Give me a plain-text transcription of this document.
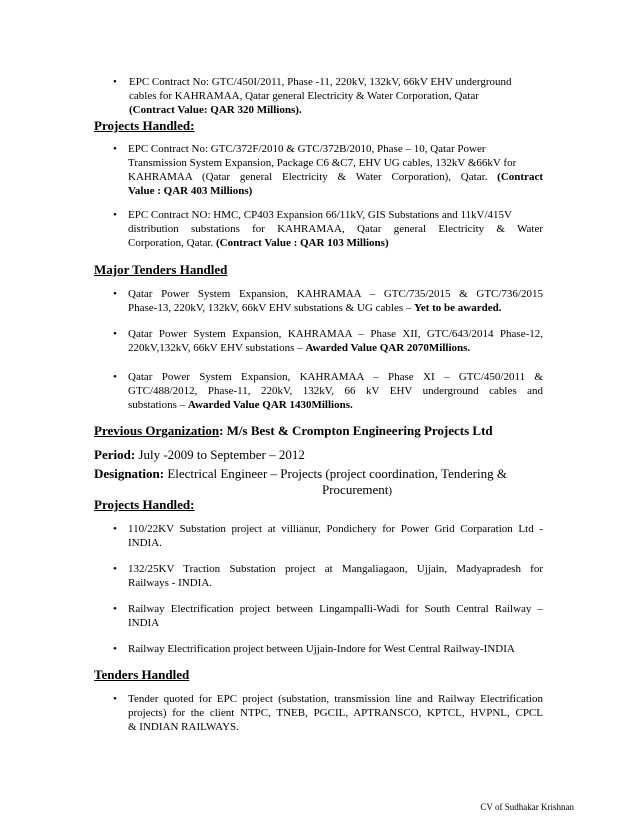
• EPC Contract No: GTC/450I/2011, Phase -11, 220kV, 132kV, 66kV EHV underground
cables for KAHRAMAA, Qatar general Electricity & Water Corporation, Qatar
(Contract Value: QAR 320 Millions).
Projects Handled:
• EPC Contract No: GTC/372F/2010 & GTC/372B/2010, Phase – 10, Qatar Power
Transmission System Expansion, Package C6 &C7, EHV UG cables, 132kV &66kV for
KAHRAMAA (Qatar general Electricity & Water Corporation), Qatar. (Contract
Value : QAR 403 Millions)
• EPC Contract NO: HMC, CP403 Expansion 66/11kV, GIS Substations and 11kV/415V
distribution substations for KAHRAMAA, Qatar general Electricity & Water
Corporation, Qatar. (Contract Value : QAR 103 Millions)
Major Tenders Handled
• Qatar Power System Expansion, KAHRAMAA – GTC/735/2015 & GTC/736/2015
Phase-13, 220kV, 132kV, 66kV EHV substations & UG cables – Yet to be awarded.
• Qatar Power System Expansion, KAHRAMAA – Phase XII, GTC/643/2014 Phase-12,
220kV,132kV, 66kV EHV substations – Awarded Value QAR 2070Millions.
• Qatar Power System Expansion, KAHRAMAA – Phase XI – GTC/450/2011 &
GTC/488/2012, Phase-11, 220kV, 132kV, 66 kV EHV underground cables and
substations – Awarded Value QAR 1430Millions.
Previous Organization: M/s Best & Crompton Engineering Projects Ltd
Period: July -2009 to September – 2012
Designation: Electrical Engineer – Projects (project coordination, Tendering &
Procurement)
Projects Handled:
• 110/22KV Substation project at villianur, Pondichery for Power Grid Corparation Ltd -
INDIA.
• 132/25KV Traction Substation project at Mangaliagaon, Ujjain, Madyapradesh for
Railways - INDIA.
• Railway Electrification project between Lingampalli-Wadi for South Central Railway –
INDIA
• Railway Electrification project between Ujjain-Indore for West Central Railway-INDIA
Tenders Handled
• Tender quoted for EPC project (substation, transmission line and Railway Electrification
projects) for the client NTPC, TNEB, PGCIL, APTRANSCO, KPTCL, HVPNL, CPCL
& INDIAN RAILWAYS.
CV of Sudhakar Krishnan
